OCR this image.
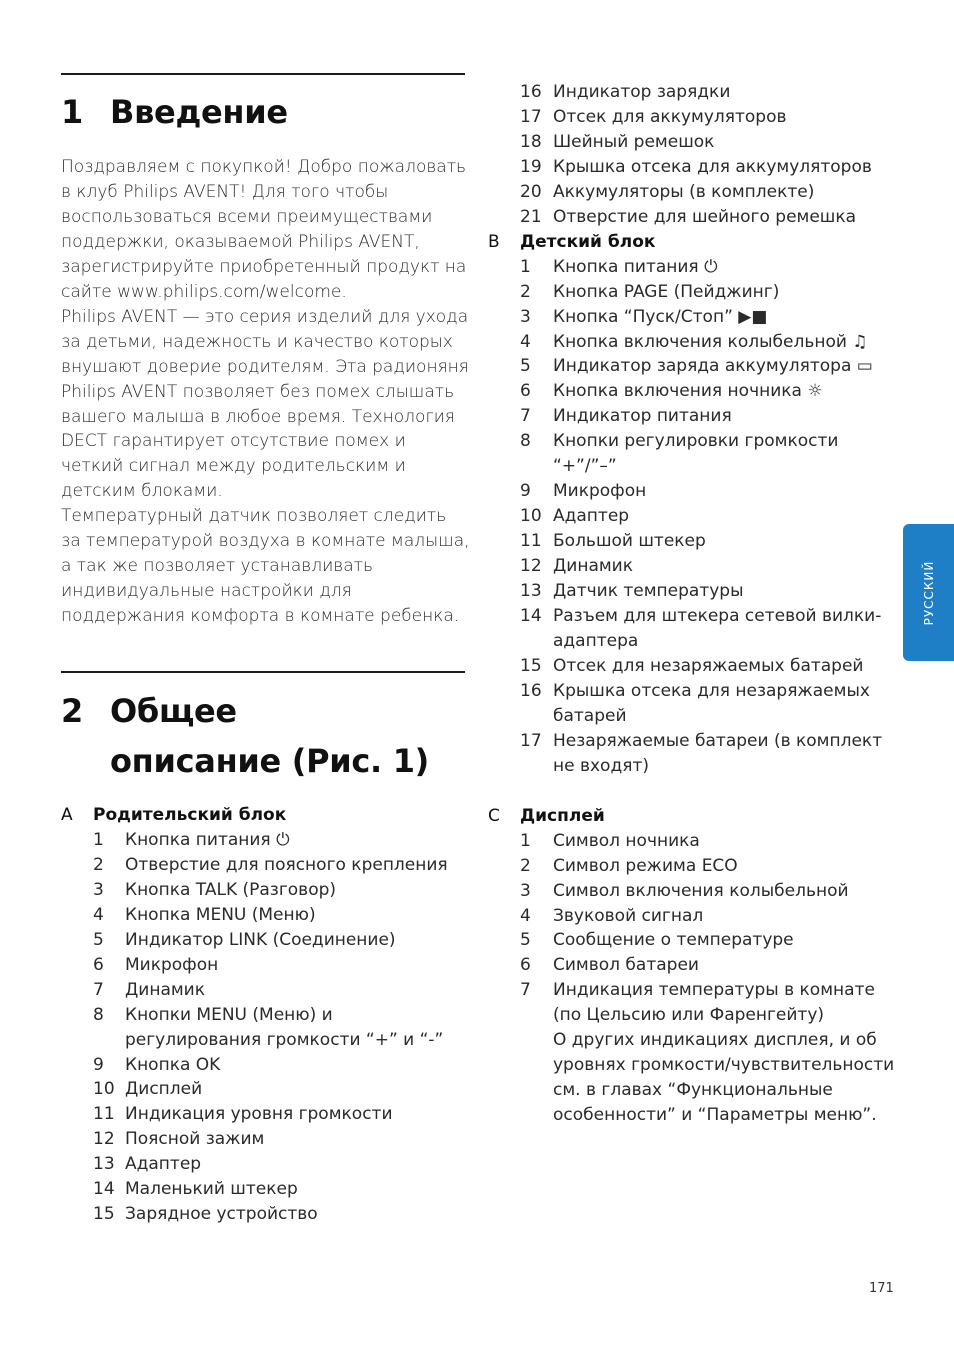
1 Введение

Поздравляем с покупкой! Добро пожаловать в клуб Philips AVENT! Для того чтобы воспользоваться всеми преимуществами поддержки, оказываемой Philips AVENT, зарегистрируйте приобретенный продукт на сайте www.philips.com/welcome.

Philips AVENT — это серия изделий для ухода за детьми, надежность и качество которых внушают доверие родителям. Эта радионяня Philips AVENT позволяет без помех слышать вашего малыша в любое время. Технология DECT гарантирует отсутствие помех и четкий сигнал между родительским и детским блоками.

Температурный датчик позволяет следить за температурой воздуха в комнате малыша, а так же позволяет устанавливать индивидуальные настройки для поддержания комфорта в комнате ребенка.

2 Общее
описание (Рис. 1)
A	Родительский блок
1	Кнопка питания ⏻
2	Отверстие для поясного крепления
3	Кнопка TALK (Разговор)
4	Кнопка MENU (Меню)
5	Индикатор LINK (Соединение)
6	Микрофон
7	Динамик
8	Кнопки MENU (Меню) и регулирования громкости “+” и “-”
9	Кнопка OK
10 Дисплей
11 Индикация уровня громкости
12 Поясной зажим
13 Адаптер
14 Маленький штекер
15 Зарядное устройство
16 Индикатор зарядки
17 Отсек для аккумуляторов
18 Шейный ремешок
19 Крышка отсека для аккумуляторов
20 Аккумуляторы (в комплекте)
21 Отверстие для шейного ремешка
B	Детский блок
1	Кнопка питания ⏻
2	Кнопка PAGE (Пейджинг)
3	Кнопка “Пуск/Стоп” ▶■
4	Кнопка включения колыбельной ♫
5	Индикатор заряда аккумулятора ▭
6	Кнопка включения ночника ☼
7	Индикатор питания
8	Кнопки регулировки громкости “+”/”–”
9	Микрофон
10 Адаптер
11 Большой штекер
12 Динамик
13 Датчик температуры
14 Разъем для штекера сетевой вилки-адаптера
15 Отсек для незаряжаемых батарей
16 Крышка отсека для незаряжаемых батарей
17 Незаряжаемые батареи (в комплект не входят)
C	Дисплей
1	Символ ночника
2	Символ режима ECO
3	Символ включения колыбельной
4	Звуковой сигнал
5	Сообщение о температуре
6	Символ батареи
7	Индикация температуры в комнате (по Цельсию или Фаренгейту)
О других индикациях дисплея, и об уровнях громкости/чувствительности см. в главах “Функциональные особенности” и “Параметры меню”.
РУССКИЙ
171
